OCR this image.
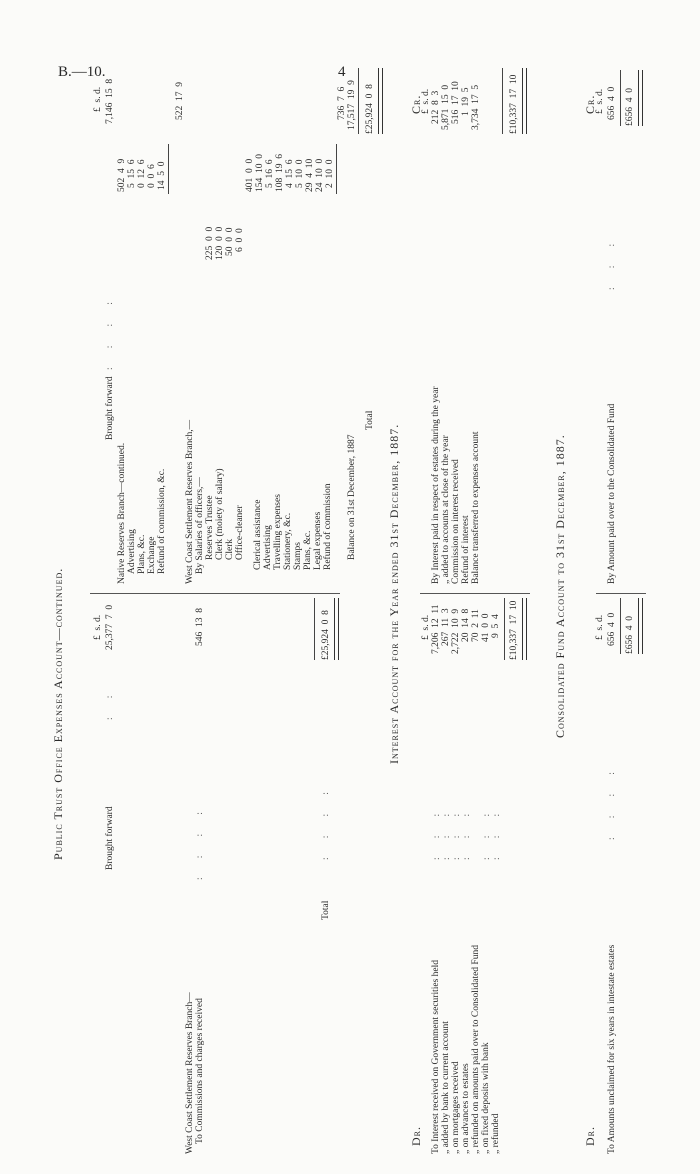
B.—10.	4
Public Trust Office Expenses Account—continued.	Brought forward
:   :
£  s. d.
25,377  7  0
West Coast Settlement Reserves Branch— To Commissions and charges received
:   :   :   :
546  13  8
Total
:   :   :   :
£25,924  0  8
Brought forward
:   :   :   :
£  s. d.
7,146  15  8
Native Reserves Branch—continued.
502  4  9
Advertising
5  15  6
Plans, &c.
0  12  6
Exchange
0  0  6
Refund of commission, &c.
14  5  0
522  17  9
West Coast Settlement Reserves Branch,— By Salaries of officers,— Reserves Trustee
225  0  0
Clerk (moiety of salary)
120  0  0
Clerk
50  0  0
Office-cleaner
6  0  0
Clerical assistance
401  0  0
Advertising
154  10  0
Travelling expenses
5  16  6
Stationery, &c.
108  19  6
Stamps
4  15  6
Plans, &c.
5  10  0
Legal expenses
29  4  10
Refund of commission
24  10  0
2  10  0
736  7  6
Balance on 31st December, 1887
17,517  19  9
Total
£25,924  0  8
Interest Account for the Year ended 31st December, 1887.
Dr.
Cr.
£  s. d.
£  s. d.
To Interest received on Government securities held
7,206  12  11
„ added by bank to current account
267  11  3
„ on mortgages received
2,722  10  9
„ on advances to estates
20  14  8
„ refunded on amounts paid over to Consolidated Fund
70  2  11
„ on fixed deposits with bank
41  0  0
„ refunded
9  5  4
:   :   :
:   :   :
:   :   :
:   :   :
:   :   :
:   :   :
£10,337  17  10
By Interest paid in respect of estates during the year
212  8  3
„ added to accounts at close of the year
5,871  15  0
Commission on interest received
516  17  10
Refund of interest
1  19  5
Balance transferred to expenses account
3,734  17  5
£10,337  17  10
Consolidated Fund Account to 31st December, 1887.
Dr.
Cr.
£  s. d.
£  s. d.
To Amounts unclaimed for six years in intestate estates
:   :   :   :
656  4  0
£656  4  0
By Amount paid over to the Consolidated Fund
:   :   :
656  4  0
£656  4  0
